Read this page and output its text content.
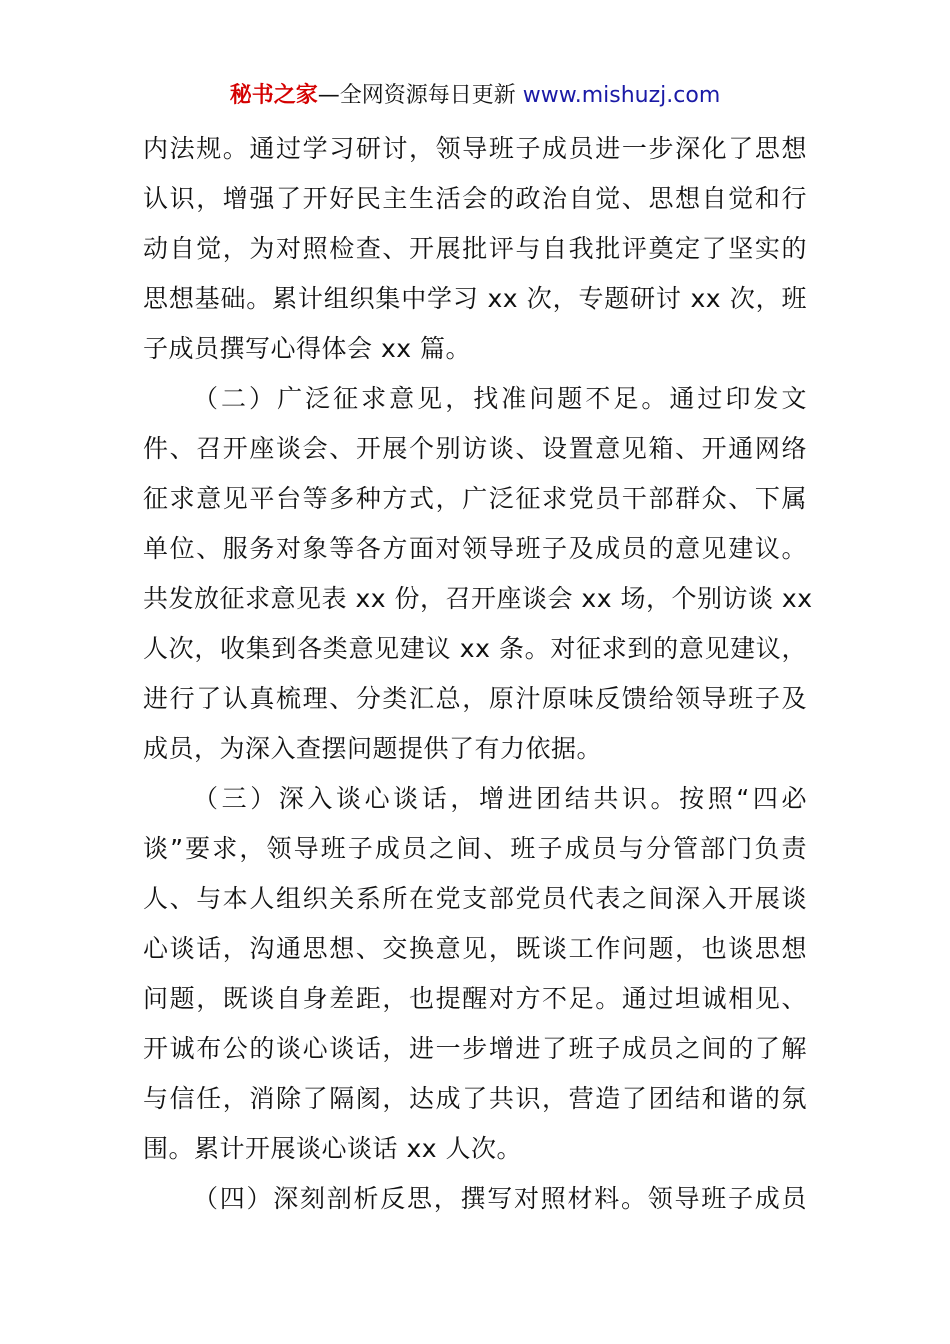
秘书之家—全网资源每日更新 www.mishuzj.com
内法规。通过学习研讨，领导班子成员进一步深化了思想
认识，增强了开好民主生活会的政治自觉、思想自觉和行
动自觉，为对照检查、开展批评与自我批评奠定了坚实的
思想基础。累计组织集中学习 xx 次，专题研讨 xx 次，班
子成员撰写心得体会 xx 篇。
（二）广泛征求意见，找准问题不足。通过印发文
件、召开座谈会、开展个别访谈、设置意见箱、开通网络
征求意见平台等多种方式，广泛征求党员干部群众、下属
单位、服务对象等各方面对领导班子及成员的意见建议。
共发放征求意见表 xx 份，召开座谈会 xx 场，个别访谈 xx
人次，收集到各类意见建议 xx 条。对征求到的意见建议，
进行了认真梳理、分类汇总，原汁原味反馈给领导班子及
成员，为深入查摆问题提供了有力依据。
（三）深入谈心谈话，增进团结共识。按照“四必
谈”要求，领导班子成员之间、班子成员与分管部门负责
人、与本人组织关系所在党支部党员代表之间深入开展谈
心谈话，沟通思想、交换意见，既谈工作问题，也谈思想
问题，既谈自身差距，也提醒对方不足。通过坦诚相见、
开诚布公的谈心谈话，进一步增进了班子成员之间的了解
与信任，消除了隔阂，达成了共识，营造了团结和谐的氛
围。累计开展谈心谈话 xx 人次。
（四）深刻剖析反思，撰写对照材料。领导班子成员
